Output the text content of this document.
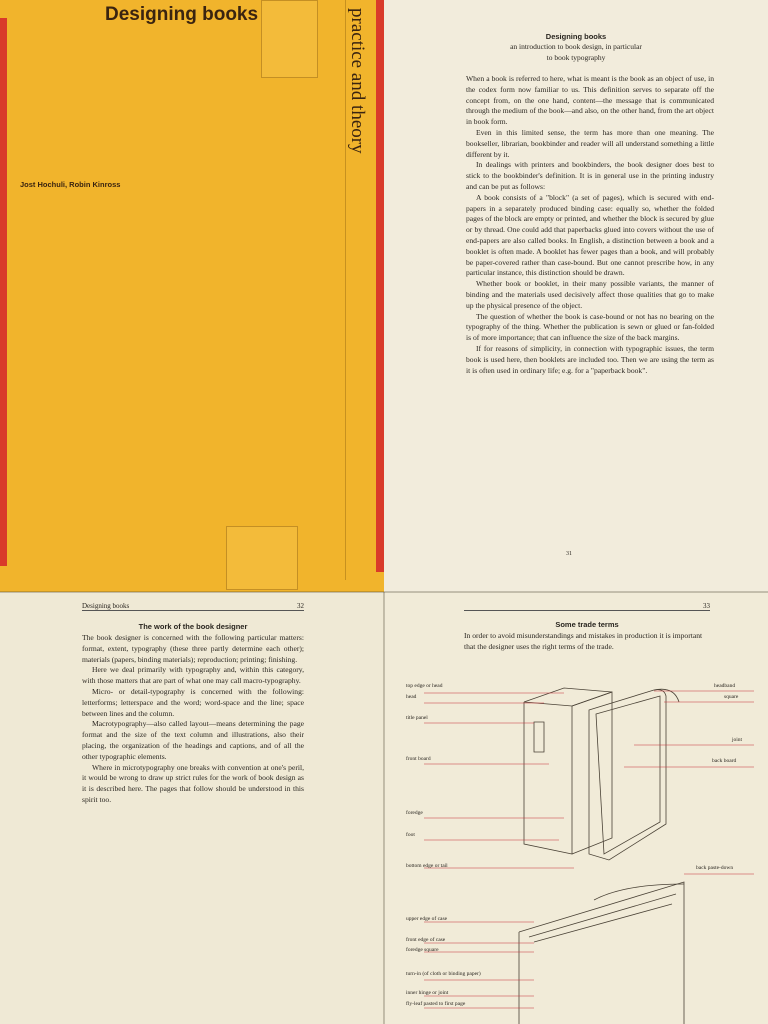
Designing books
Jost Hochuli, Robin Kinross
practice and theory	Designing books
an introduction to book design, in particular
to book typography

When a book is referred to here, what is meant is the book as an object of use, in the codex form now familiar to us. This definition serves to separate off the concept from, on the one hand, content—the message that is communicated through the medium of the book—and also, on the other hand, from the art object in book form.

Even in this limited sense, the term has more than one meaning. The bookseller, librarian, bookbinder and reader will all understand something a little different by it.

In dealings with printers and bookbinders, the book designer does best to stick to the bookbinder's definition. It is in general use in the printing industry and can be put as follows:

A book consists of a "block" (a set of pages), which is secured with end-papers in a separately produced binding case: equally so, whether the folded pages of the block are empty or printed, and whether the block is secured by glue or by thread. One could add that paperbacks glued into covers without the use of end-papers are also called books. In English, a distinction between a book and a booklet is often made. A booklet has fewer pages than a book, and will probably be paper-covered rather than case-bound. But one cannot prescribe how, in any particular instance, this distinction should be drawn.

Whether book or booklet, in their many possible variants, the manner of binding and the materials used decisively affect those qualities that go to make up the physical presence of the object.

The question of whether the book is case-bound or not has no bearing on the typography of the thing. Whether the publication is sewn or glued or fan-folded is of more importance; that can influence the size of the back margins.

If for reasons of simplicity, in connection with typographic issues, the term book is used here, then booklets are included too. Then we are using the term as it is often used in ordinary life; e.g. for a "paperback book".

31
Designing books	32
The work of the book designer

The book designer is concerned with the following particular matters: format, extent, typography (these three partly determine each other); materials (papers, binding materials); reproduction; printing; finishing.

Here we deal primarily with typography and, within this category, with those matters that are part of what one may call macro-typography.

Micro- or detail-typography is concerned with the following: letterforms; letterspace and the word; word-space and the line; space between lines and the column.

Macrotypography—also called layout—means determining the page format and the size of the text column and illustrations, also their placing, the organization of the headings and captions, and of all the other typographic elements.

Where in microtypography one breaks with convention at one's peril, it would be wrong to draw up strict rules for the work of book design as it is described here. The pages that follow should be understood in this spirit too.

33
Some trade terms
In order to avoid misunderstandings and mistakes in production it is important that the designer uses the right terms of the trade.
top edge or head
head
title panel
front board
foredge
foot
bottom edge or tail
headband
square
joint
back board
back paste-down
upper edge of case
front edge of case
foredge square
turn-in (of cloth or binding paper)
inner hinge or joint
fly-leaf pasted to first page
